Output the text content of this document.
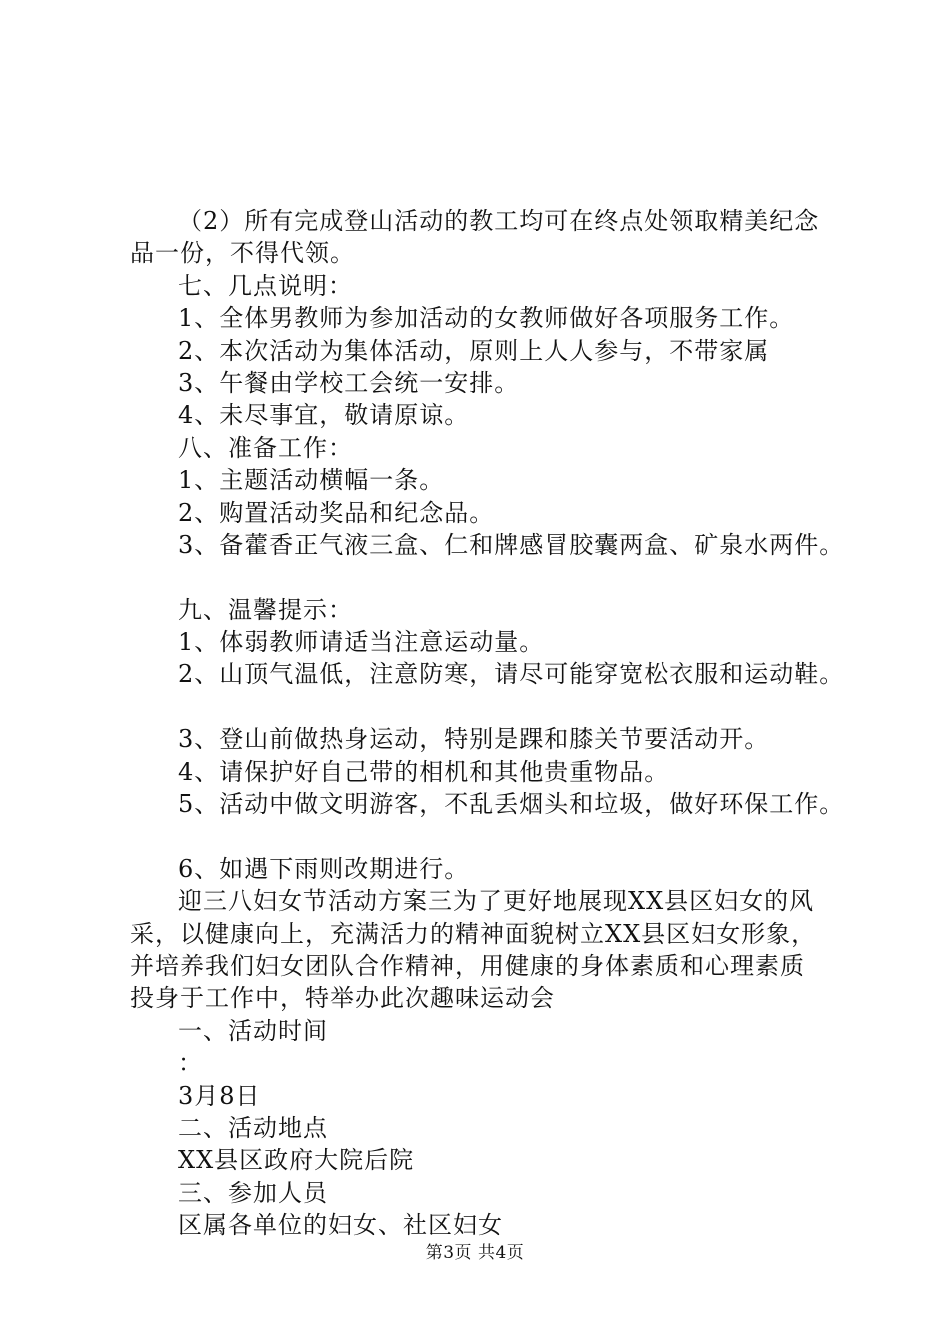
（2）所有完成登山活动的教工均可在终点处领取精美纪念
品一份，不得代领。
七、几点说明：
1、全体男教师为参加活动的女教师做好各项服务工作。
2、本次活动为集体活动，原则上人人参与，不带家属
3、午餐由学校工会统一安排。
4、未尽事宜，敬请原谅。
八、准备工作：
1、主题活动横幅一条。
2、购置活动奖品和纪念品。
3、备藿香正气液三盒、仁和牌感冒胶囊两盒、矿泉水两件。
九、温馨提示：
1、体弱教师请适当注意运动量。
2、山顶气温低，注意防寒，请尽可能穿宽松衣服和运动鞋。
3、登山前做热身运动，特别是踝和膝关节要活动开。
4、请保护好自己带的相机和其他贵重物品。
5、活动中做文明游客，不乱丢烟头和垃圾，做好环保工作。
6、如遇下雨则改期进行。
迎三八妇女节活动方案三为了更好地展现XX县区妇女的风
采，以健康向上，充满活力的精神面貌树立XX县区妇女形象，
并培养我们妇女团队合作精神，用健康的身体素质和心理素质
投身于工作中，特举办此次趣味运动会
一、活动时间
：
3月8日
二、活动地点
XX县区政府大院后院
三、参加人员
区属各单位的妇女、社区妇女
第3页 共4页
